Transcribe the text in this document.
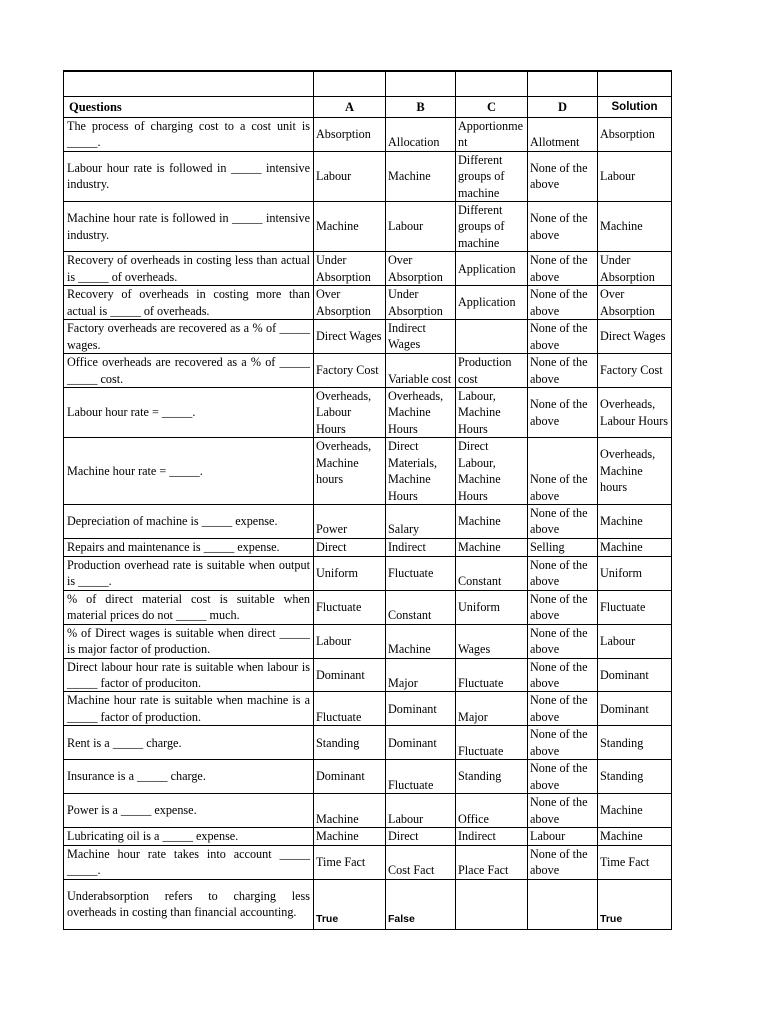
Questions	A	B	C	D	Solution
The process of charging cost to a cost unit is _____.	Absorption	Allocation	Apportionment	Allotment	Absorption
Labour hour rate is followed in _____ intensive industry.	Labour	Machine	Different groups of machine	None of the above	Labour
Machine hour rate is followed in _____ intensive industry.	Machine	Labour	Different groups of machine	None of the above	Machine
Recovery of overheads in costing less than actual is _____ of overheads.	Under Absorption	Over Absorption	Application	None of the above	Under Absorption
Recovery of overheads in costing more than actual is _____ of overheads.	Over Absorption	Under Absorption	Application	None of the above	Over Absorption
Factory overheads are recovered as a % of _____ wages.	Direct Wages	Indirect Wages		None of the above	Direct Wages
Office overheads are recovered as a % of _____ _____ cost.	Factory Cost	Variable cost	Production cost	None of the above	Factory Cost
Labour hour rate = _____.	Overheads, Labour Hours	Overheads, Machine Hours	Labour, Machine Hours	None of the above	Overheads, Labour Hours
Machine hour rate = _____.	Overheads, Machine hours	Direct Materials, Machine Hours	Direct Labour, Machine Hours	None of the above	Overheads, Machine hours
Depreciation of machine is _____ expense.	Power	Salary	Machine	None of the above	Machine
Repairs and maintenance is _____ expense.	Direct	Indirect	Machine	Selling	Machine
Production overhead rate is suitable when output is _____.	Uniform	Fluctuate	Constant	None of the above	Uniform
% of direct material cost is suitable when material prices do not _____ much.	Fluctuate	Constant	Uniform	None of the above	Fluctuate
% of Direct wages is suitable when direct _____ is major factor of production.	Labour	Machine	Wages	None of the above	Labour
Direct labour hour rate is suitable when labour is _____ factor of produciton.	Dominant	Major	Fluctuate	None of the above	Dominant
Machine hour rate is suitable when machine is a _____ factor of production.	Fluctuate	Dominant	Major	None of the above	Dominant
Rent is a _____ charge.	Standing	Dominant	Fluctuate	None of the above	Standing
Insurance is a _____ charge.	Dominant	Fluctuate	Standing	None of the above	Standing
Power is a _____ expense.	Machine	Labour	Office	None of the above	Machine
Lubricating oil is a _____ expense.	Machine	Direct	Indirect	Labour	Machine
Machine hour rate takes into account _____ _____.	Time Fact	Cost Fact	Place Fact	None of the above	Time Fact
Underabsorption refers to charging less overheads in costing than financial accounting.	True	False			True
